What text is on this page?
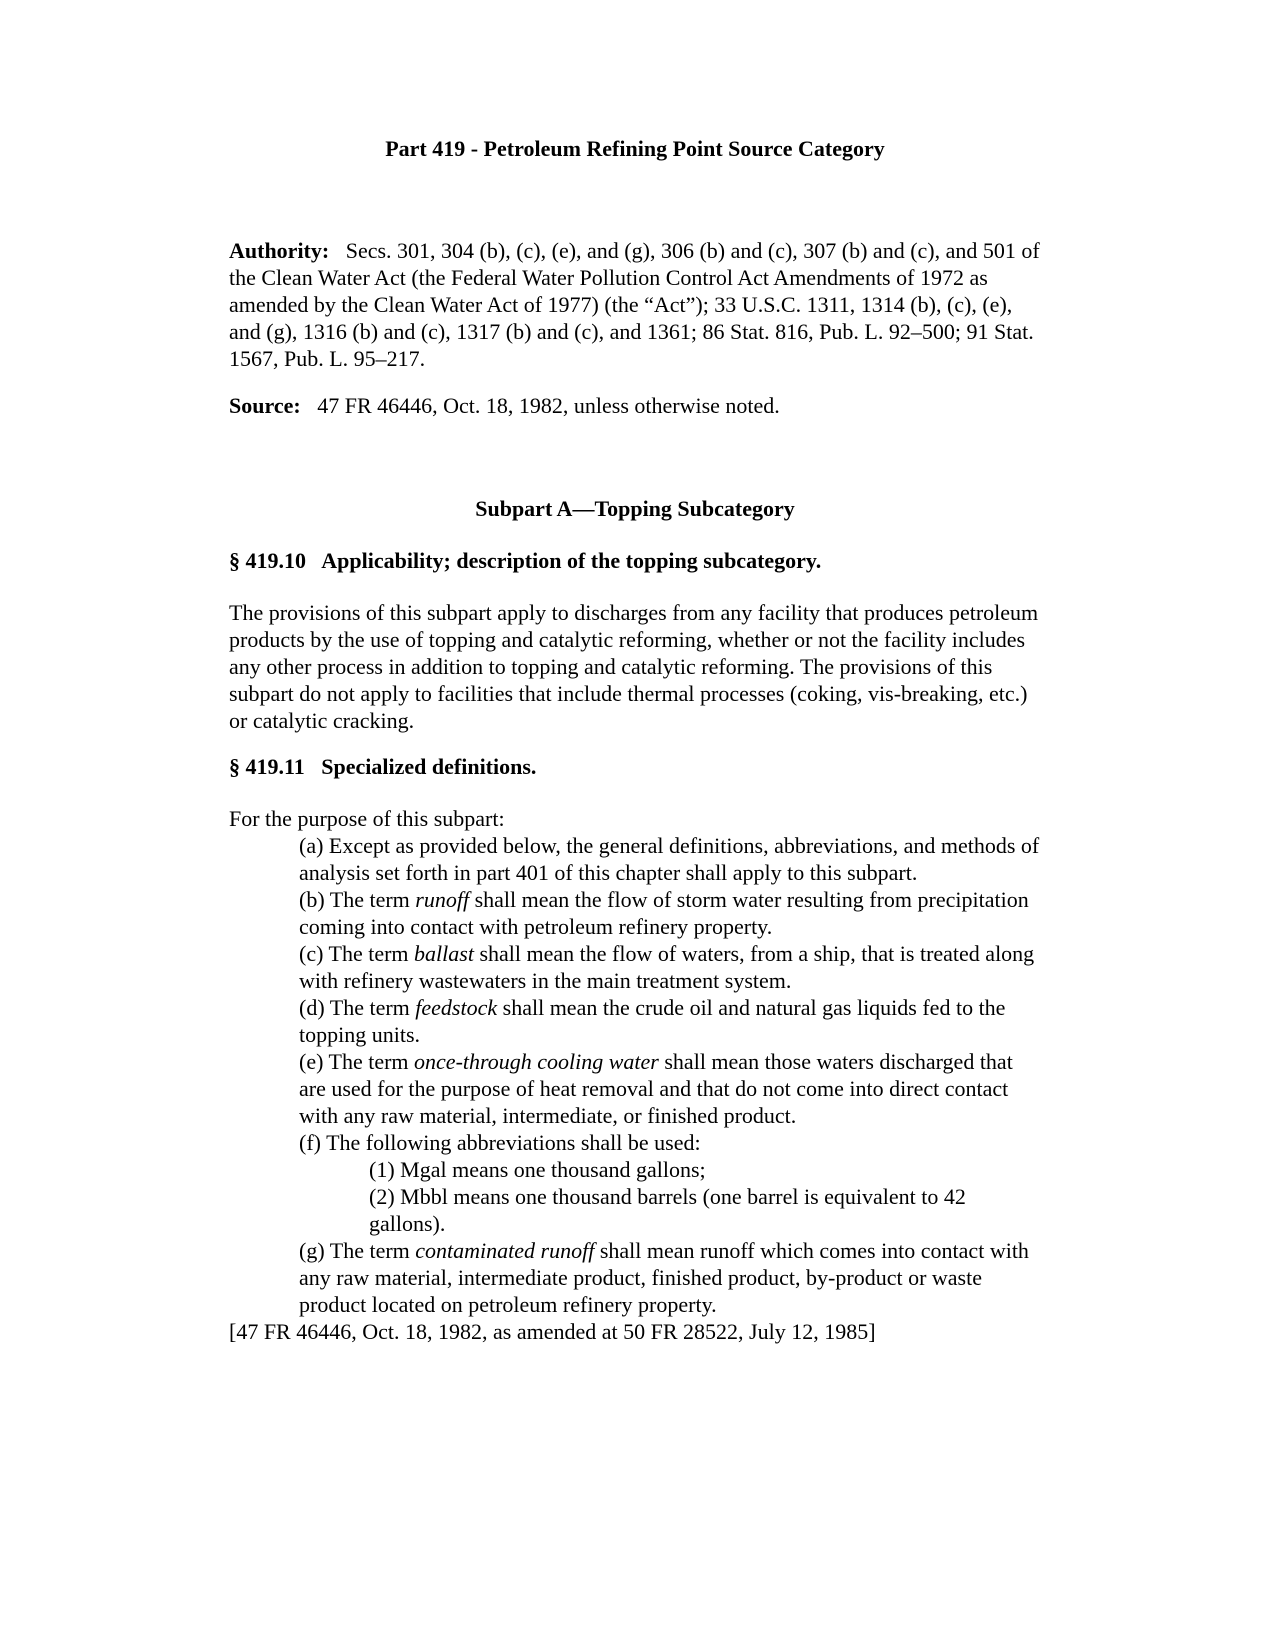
Part 419 - Petroleum Refining Point Source Category
Authority: Secs. 301, 304 (b), (c), (e), and (g), 306 (b) and (c), 307 (b) and (c), and 501 of the Clean Water Act (the Federal Water Pollution Control Act Amendments of 1972 as amended by the Clean Water Act of 1977) (the “Act”); 33 U.S.C. 1311, 1314 (b), (c), (e), and (g), 1316 (b) and (c), 1317 (b) and (c), and 1361; 86 Stat. 816, Pub. L. 92–500; 91 Stat. 1567, Pub. L. 95–217.
Source: 47 FR 46446, Oct. 18, 1982, unless otherwise noted.
Subpart A—Topping Subcategory
§ 419.10 Applicability; description of the topping subcategory.
The provisions of this subpart apply to discharges from any facility that produces petroleum products by the use of topping and catalytic reforming, whether or not the facility includes any other process in addition to topping and catalytic reforming. The provisions of this subpart do not apply to facilities that include thermal processes (coking, vis-breaking, etc.) or catalytic cracking.
§ 419.11 Specialized definitions.

For the purpose of this subpart:

(a) Except as provided below, the general definitions, abbreviations, and methods of analysis set forth in part 401 of this chapter shall apply to this subpart.

(b) The term runoff shall mean the flow of storm water resulting from precipitation coming into contact with petroleum refinery property.

(c) The term ballast shall mean the flow of waters, from a ship, that is treated along with refinery wastewaters in the main treatment system.

(d) The term feedstock shall mean the crude oil and natural gas liquids fed to the topping units.

(e) The term once-through cooling water shall mean those waters discharged that are used for the purpose of heat removal and that do not come into direct contact with any raw material, intermediate, or finished product.

(f) The following abbreviations shall be used:

(1) Mgal means one thousand gallons;

(2) Mbbl means one thousand barrels (one barrel is equivalent to 42 gallons).

(g) The term contaminated runoff shall mean runoff which comes into contact with any raw material, intermediate product, finished product, by-product or waste product located on petroleum refinery property.

[47 FR 46446, Oct. 18, 1982, as amended at 50 FR 28522, July 12, 1985]
